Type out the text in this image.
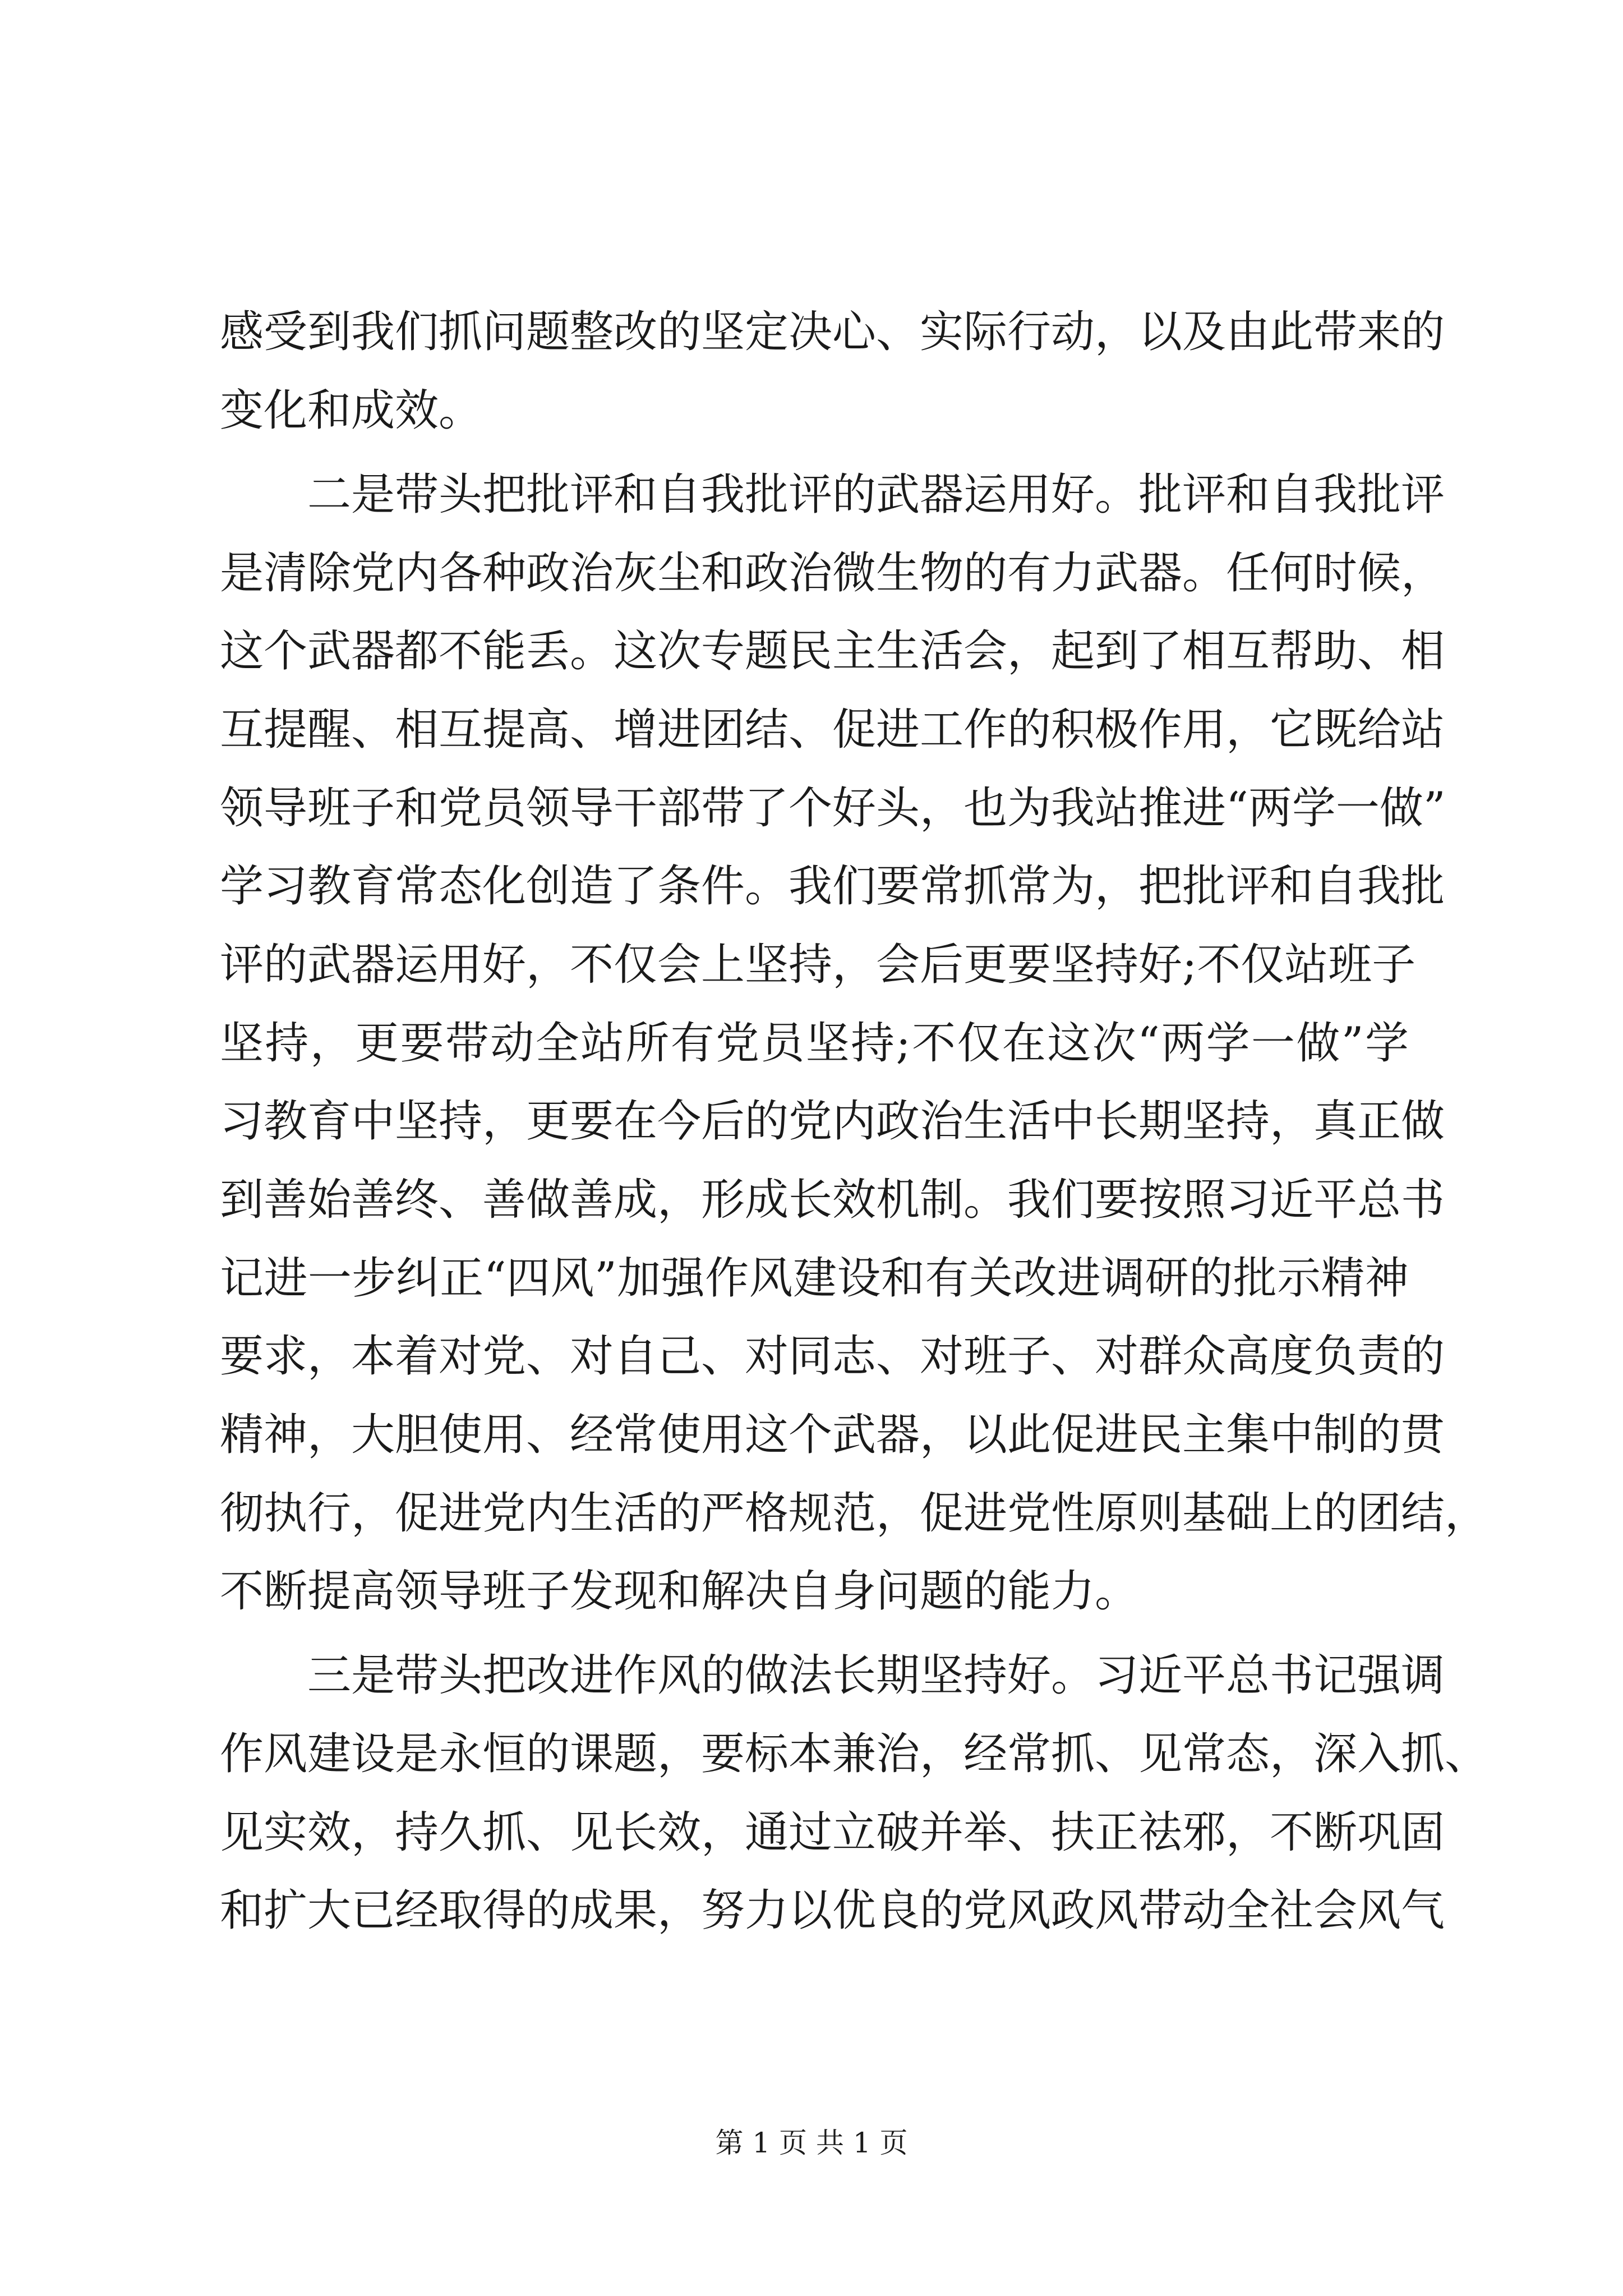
感受到我们抓问题整改的坚定决心、实际行动，以及由此带来的
变化和成效。
二是带头把批评和自我批评的武器运用好。批评和自我批评
是清除党内各种政治灰尘和政治微生物的有力武器。任何时候，
这个武器都不能丢。这次专题民主生活会，起到了相互帮助、相
互提醒、相互提高、增进团结、促进工作的积极作用，它既给站
领导班子和党员领导干部带了个好头，也为我站推进“两学一做”
学习教育常态化创造了条件。我们要常抓常为，把批评和自我批
评的武器运用好，不仅会上坚持，会后更要坚持好;不仅站班子
坚持，更要带动全站所有党员坚持;不仅在这次“两学一做”学
习教育中坚持，更要在今后的党内政治生活中长期坚持，真正做
到善始善终、善做善成，形成长效机制。我们要按照习近平总书
记进一步纠正“四风”加强作风建设和有关改进调研的批示精神
要求，本着对党、对自己、对同志、对班子、对群众高度负责的
精神，大胆使用、经常使用这个武器，以此促进民主集中制的贯
彻执行，促进党内生活的严格规范，促进党性原则基础上的团结，
不断提高领导班子发现和解决自身问题的能力。
三是带头把改进作风的做法长期坚持好。习近平总书记强调
作风建设是永恒的课题，要标本兼治，经常抓、见常态，深入抓、
见实效，持久抓、见长效，通过立破并举、扶正祛邪，不断巩固
和扩大已经取得的成果，努力以优良的党风政风带动全社会风气
第 1 页 共 1 页
